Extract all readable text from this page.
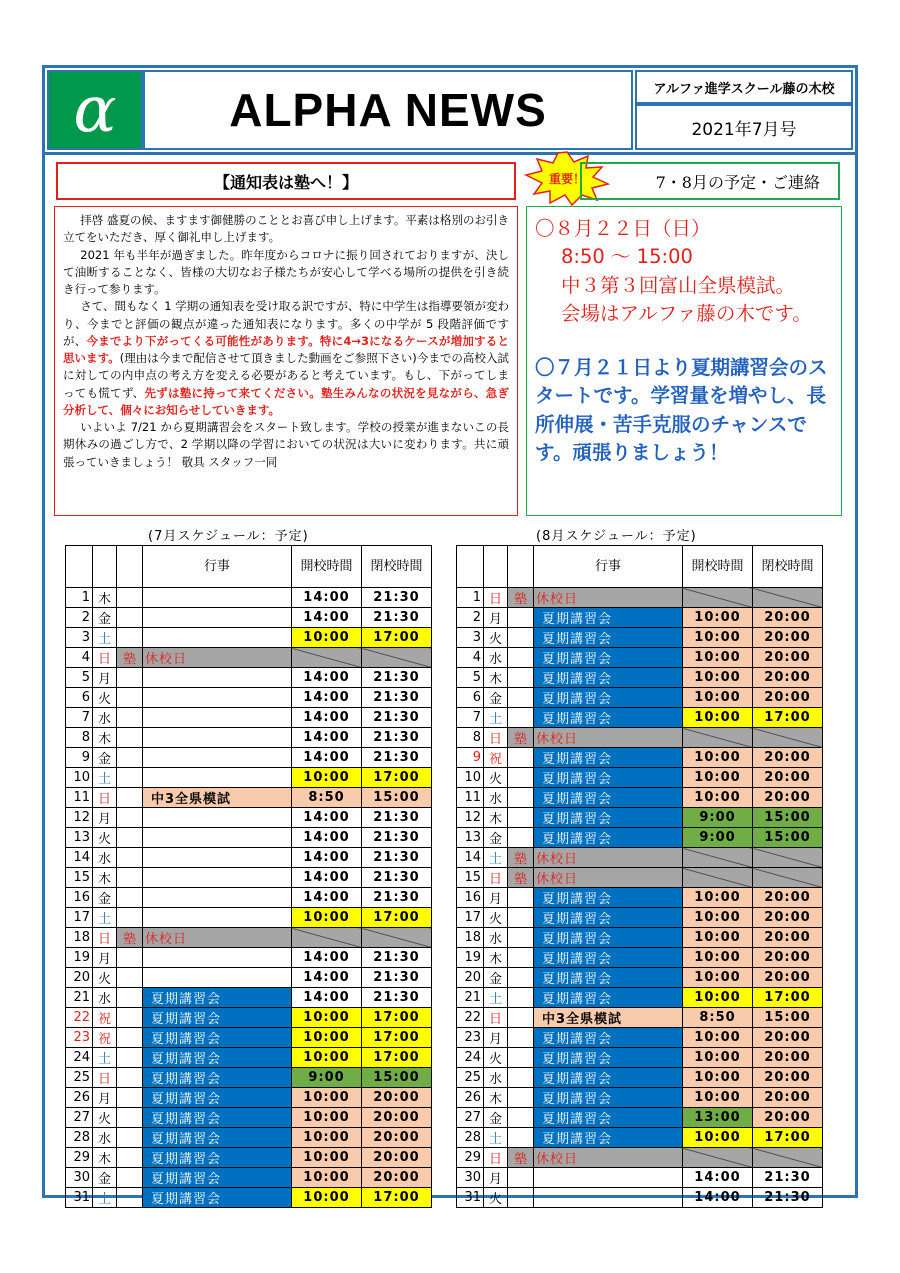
α ALPHA NEWS	アルファ進学スクール藤の木校
2021年7月号
【通知表は塾へ！】

拝啓 盛夏の候、ますます御健勝のこととお喜び申し上げます。平素は格別のお引き立てをいただき、厚く御礼申し上げます。

2021 年も半年が過ぎました。昨年度からコロナに振り回されておりますが、決して油断することなく、皆様の大切なお子様たちが安心して学べる場所の提供を引き続き行って参ります。

さて、間もなく 1 学期の通知表を受け取る訳ですが、特に中学生は指導要領が変わり、今までと評価の観点が違った通知表になります。多くの中学が 5 段階評価ですが、今までより下がってくる可能性があります。特に4→3になるケースが増加すると思います。(理由は今まで配信させて頂きました動画をご参照下さい)今までの高校入試に対しての内申点の考え方を変える必要があると考えています。もし、下がってしまっても慌てず、先ずは塾に持って来てください。塾生みんなの状況を見ながら、急ぎ分析して、個々にお知らせしていきます。

いよいよ 7/21 から夏期講習会をスタート致します。学校の授業が進まないこの長期休みの過ごし方で、2 学期以降の学習においての状況は大いに変わります。共に頑張っていきましょう！ 敬具 スタッフ一同

重要！	7・8月の予定・ご連絡
〇８月２２日（日）
8:50 ～ 15:00
中３第３回富山全県模試。
会場はアルファ藤の木です。
〇７月２１日より夏期講習会のスタートです。学習量を増やし、長所伸展・苦手克服のチャンスです。頑張りましょう！
(7月スケジュール：予定)	(8月スケジュール：予定)
			行事	開校時間	閉校時間
1	木			14:00	21:30
2	金			14:00	21:30
3	土			10:00	17:00
4	日	塾	休校日		
5	月			14:00	21:30
6	火			14:00	21:30
7	水			14:00	21:30
8	木			14:00	21:30
9	金			14:00	21:30
10	土			10:00	17:00
11	日		中3全県模試	8:50	15:00
12	月			14:00	21:30
13	火			14:00	21:30
14	水			14:00	21:30
15	木			14:00	21:30
16	金			14:00	21:30
17	土			10:00	17:00
18	日	塾	休校日		
19	月			14:00	21:30
20	火			14:00	21:30
21	水		夏期講習会	14:00	21:30
22	祝		夏期講習会	10:00	17:00
23	祝		夏期講習会	10:00	17:00
24	土		夏期講習会	10:00	17:00
25	日		夏期講習会	9:00	15:00
26	月		夏期講習会	10:00	20:00
27	火		夏期講習会	10:00	20:00
28	水		夏期講習会	10:00	20:00
29	木		夏期講習会	10:00	20:00
30	金		夏期講習会	10:00	20:00
31	土		夏期講習会	10:00	17:00
			行事	開校時間	閉校時間
1	日	塾	休校日		
2	月		夏期講習会	10:00	20:00
3	火		夏期講習会	10:00	20:00
4	水		夏期講習会	10:00	20:00
5	木		夏期講習会	10:00	20:00
6	金		夏期講習会	10:00	20:00
7	土		夏期講習会	10:00	17:00
8	日	塾	休校日		
9	祝		夏期講習会	10:00	20:00
10	火		夏期講習会	10:00	20:00
11	水		夏期講習会	10:00	20:00
12	木		夏期講習会	9:00	15:00
13	金		夏期講習会	9:00	15:00
14	土	塾	休校日		
15	日	塾	休校日		
16	月		夏期講習会	10:00	20:00
17	火		夏期講習会	10:00	20:00
18	水		夏期講習会	10:00	20:00
19	木		夏期講習会	10:00	20:00
20	金		夏期講習会	10:00	20:00
21	土		夏期講習会	10:00	17:00
22	日		中3全県模試	8:50	15:00
23	月		夏期講習会	10:00	20:00
24	火		夏期講習会	10:00	20:00
25	水		夏期講習会	10:00	20:00
26	木		夏期講習会	10:00	20:00
27	金		夏期講習会	13:00	20:00
28	土		夏期講習会	10:00	17:00
29	日	塾	休校日		
30	月			14:00	21:30
31	火			14:00	21:30
